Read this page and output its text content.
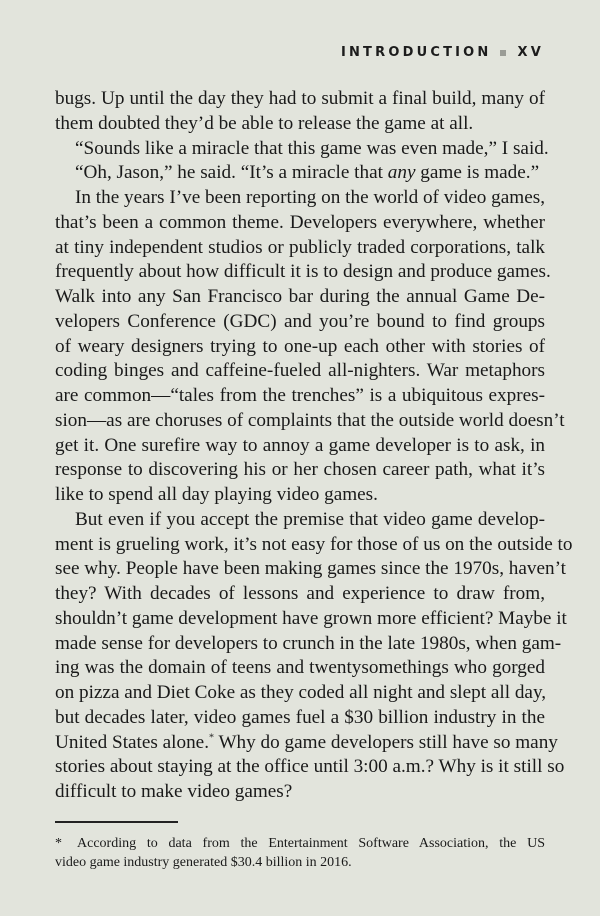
INTRODUCTION XV
bugs. Up until the day they had to submit a final build, many of
them doubted they’d be able to release the game at all.
“Sounds like a miracle that this game was even made,” I said.
“Oh, Jason,” he said. “It’s a miracle that any game is made.”
In the years I’ve been reporting on the world of video games,
that’s been a common theme. Developers everywhere, whether
at tiny independent studios or publicly traded corporations, talk
frequently about how difficult it is to design and produce games.
Walk into any San Francisco bar during the annual Game De-
velopers Conference (GDC) and you’re bound to find groups
of weary designers trying to one-up each other with stories of
coding binges and caffeine-fueled all-nighters. War metaphors
are common—“tales from the trenches” is a ubiquitous expres-
sion—as are choruses of complaints that the outside world doesn’t
get it. One surefire way to annoy a game developer is to ask, in
response to discovering his or her chosen career path, what it’s
like to spend all day playing video games.
But even if you accept the premise that video game develop-
ment is grueling work, it’s not easy for those of us on the outside to
see why. People have been making games since the 1970s, haven’t
they? With decades of lessons and experience to draw from,
shouldn’t game development have grown more efficient? Maybe it
made sense for developers to crunch in the late 1980s, when gam-
ing was the domain of teens and twentysomethings who gorged
on pizza and Diet Coke as they coded all night and slept all day,
but decades later, video games fuel a $30 billion industry in the
United States alone.* Why do game developers still have so many
stories about staying at the office until 3:00 a.m.? Why is it still so
difficult to make video games?
* According to data from the Entertainment Software Association, the US
video game industry generated $30.4 billion in 2016.
